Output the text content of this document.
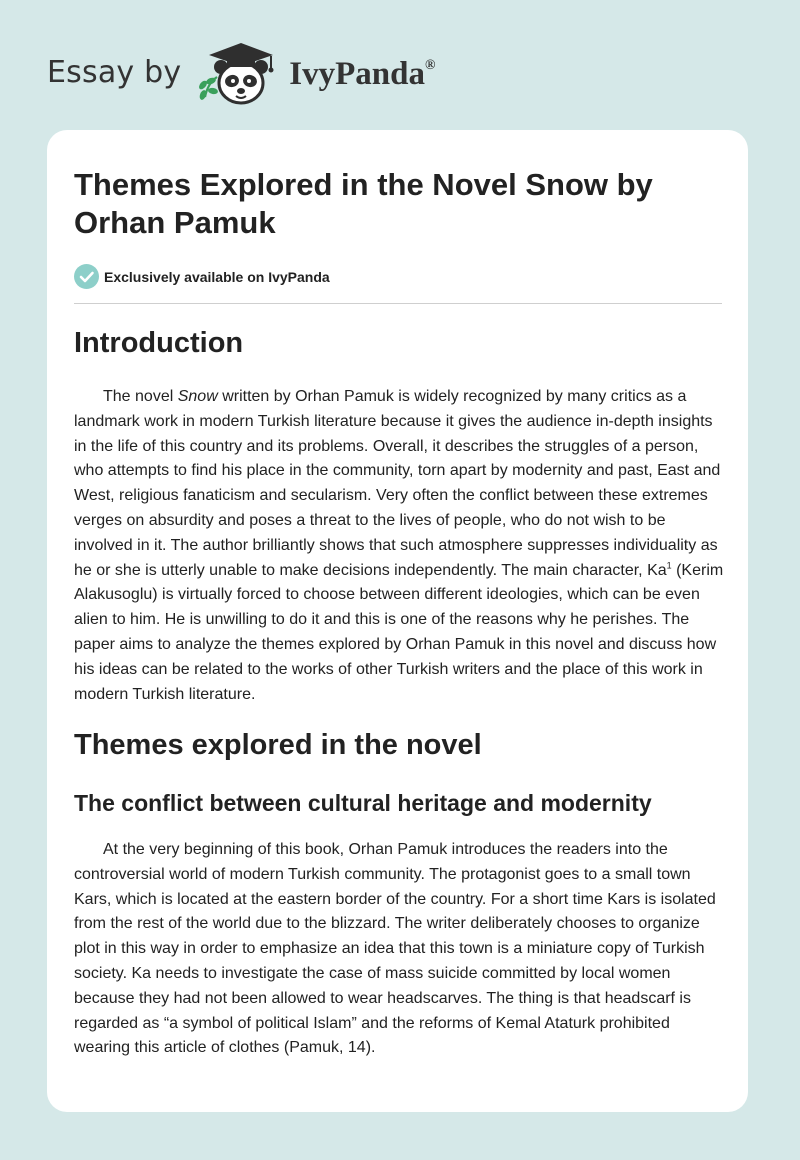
Essay by	IvyPanda®
Themes Explored in the Novel Snow by Orhan Pamuk
Exclusively available on IvyPanda
Introduction

The novel Snow written by Orhan Pamuk is widely recognized by many critics as a landmark work in modern Turkish literature because it gives the audience in-depth insights in the life of this country and its problems. Overall, it describes the struggles of a person, who attempts to find his place in the community, torn apart by modernity and past, East and West, religious fanaticism and secularism. Very often the conflict between these extremes verges on absurdity and poses a threat to the lives of people, who do not wish to be involved in it. The author brilliantly shows that such atmosphere suppresses individuality as he or she is utterly unable to make decisions independently. The main character, Ka$^1$ (Kerim Alakusoglu) is virtually forced to choose between different ideologies, which can be even alien to him. He is unwilling to do it and this is one of the reasons why he perishes. The paper aims to analyze the themes explored by Orhan Pamuk in this novel and discuss how his ideas can be related to the works of other Turkish writers and the place of this work in modern Turkish literature.

Themes explored in the novel
The conflict between cultural heritage and modernity

At the very beginning of this book, Orhan Pamuk introduces the readers into the controversial world of modern Turkish community. The protagonist goes to a small town Kars, which is located at the eastern border of the country. For a short time Kars is isolated from the rest of the world due to the blizzard. The writer deliberately chooses to organize plot in this way in order to emphasize an idea that this town is a miniature copy of Turkish society. Ka needs to investigate the case of mass suicide committed by local women because they had not been allowed to wear headscarves. The thing is that headscarf is regarded as “a symbol of political Islam” and the reforms of Kemal Ataturk prohibited wearing this article of clothes (Pamuk, 14).
